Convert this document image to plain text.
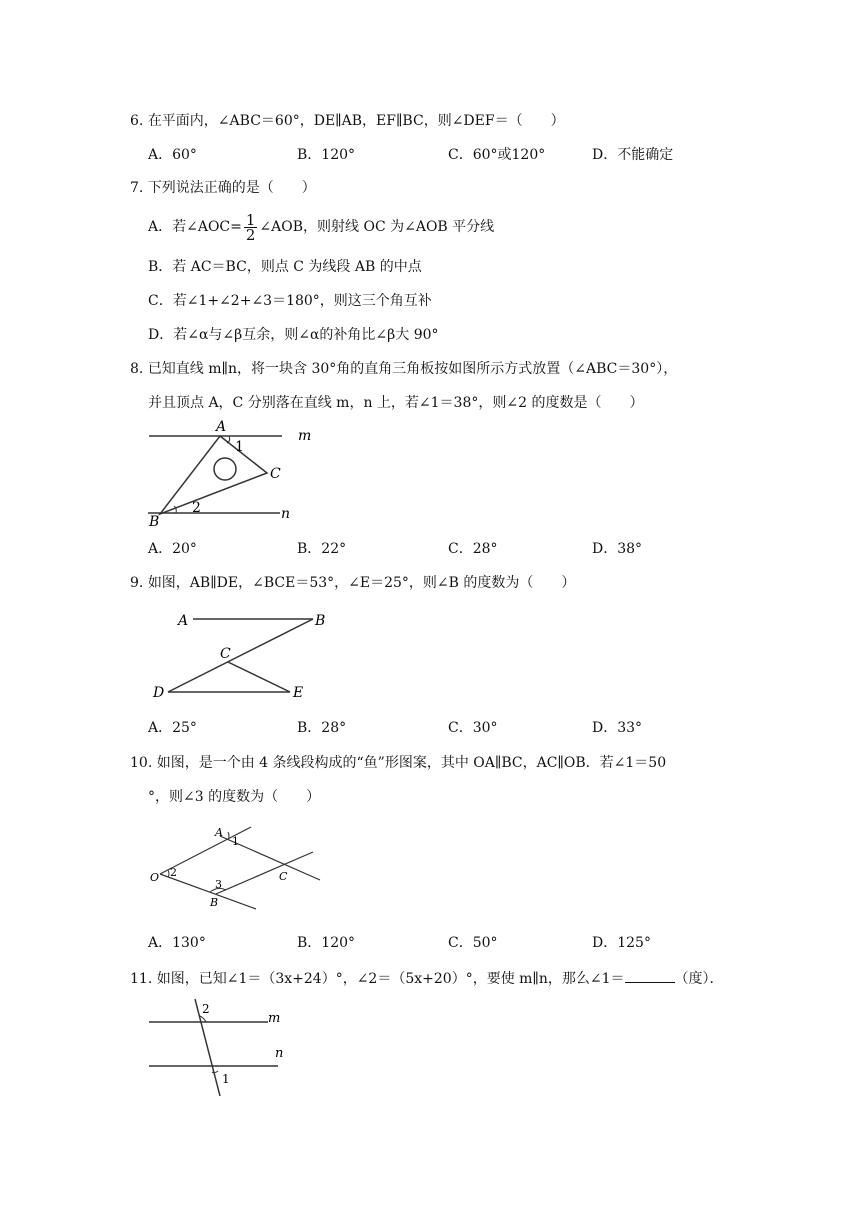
6. 在平面内，∠ABC＝60°，DE∥AB，EF∥BC，则∠DEF＝（　　）
A．60°	B．120°	C．60°或120°	D．不能确定
7. 下列说法正确的是（　　）
A．若∠AOC= $\frac{1}{2}$ ∠AOB，则射线 OC 为∠AOB 平分线
B．若 AC＝BC，则点 C 为线段 AB 的中点
C．若∠1+∠2+∠3＝180°，则这三个角互补
D．若∠α与∠β互余，则∠α的补角比∠β大 90°
8. 已知直线 m∥n，将一块含 30°角的直角三角板按如图所示方式放置（∠ABC＝30°），
并且顶点 A，C 分别落在直线 m，n 上，若∠1＝38°，则∠2 的度数是（　　）
A
C
B
m
n
1
2
A．20°	B．22°	C．28°	D．38°
9. 如图，AB∥DE，∠BCE＝53°，∠E＝25°，则∠B 的度数为（　　）
A	B
C
D	E
A．25°	B．28°	C．30°	D．33°
10. 如图，是一个由 4 条线段构成的“鱼”形图案，其中 OA∥BC，AC∥OB．若∠1＝50
°，则∠3 的度数为（　　）
A
O
B
C
1
2
3
A．130°	B．120°	C．50°	D．125°
11. 如图，已知∠1＝（3x+24）°，∠2＝（5x+20）°，要使 m∥n，那么∠1＝	（度）．
2
1
m
n
